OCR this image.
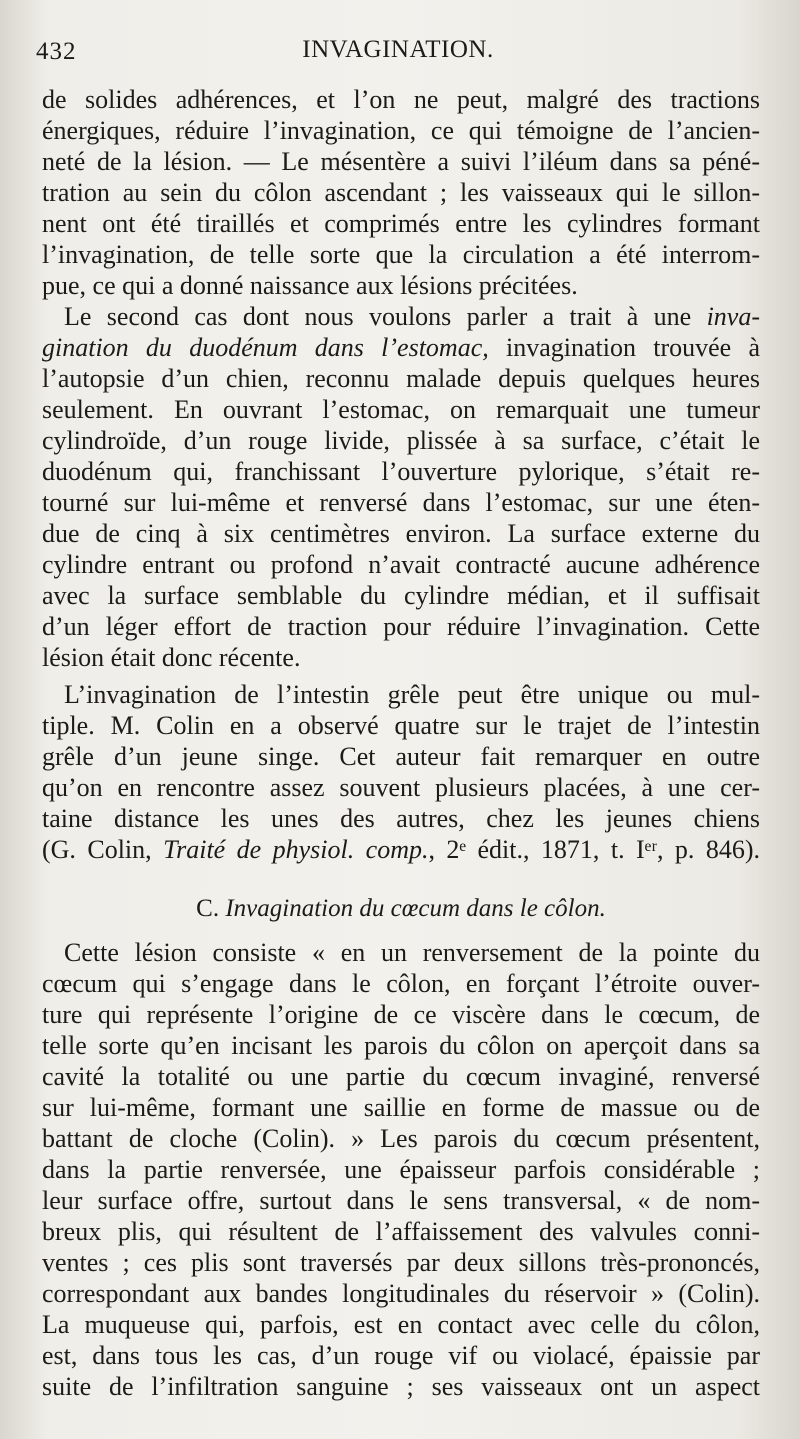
432	INVAGINATION.
de solides adhérences, et l’on ne peut, malgré des tractions
énergiques, réduire l’invagination, ce qui témoigne de l’ancien-
neté de la lésion. — Le mésentère a suivi l’iléum dans sa péné-
tration au sein du côlon ascendant ; les vaisseaux qui le sillon-
nent ont été tiraillés et comprimés entre les cylindres formant
l’invagination, de telle sorte que la circulation a été interrom-
pue, ce qui a donné naissance aux lésions précitées.
Le second cas dont nous voulons parler a trait à une inva-
gination du duodénum dans l’estomac, invagination trouvée à
l’autopsie d’un chien, reconnu malade depuis quelques heures
seulement. En ouvrant l’estomac, on remarquait une tumeur
cylindroïde, d’un rouge livide, plissée à sa surface, c’était le
duodénum qui, franchissant l’ouverture pylorique, s’était re-
tourné sur lui-même et renversé dans l’estomac, sur une éten-
due de cinq à six centimètres environ. La surface externe du
cylindre entrant ou profond n’avait contracté aucune adhérence
avec la surface semblable du cylindre médian, et il suffisait
d’un léger effort de traction pour réduire l’invagination. Cette
lésion était donc récente.
L’invagination de l’intestin grêle peut être unique ou mul-
tiple. M. Colin en a observé quatre sur le trajet de l’intestin
grêle d’un jeune singe. Cet auteur fait remarquer en outre
qu’on en rencontre assez souvent plusieurs placées, à une cer-
taine distance les unes des autres, chez les jeunes chiens
(G. Colin, Traité de physiol. comp., 2ᵉ édit., 1871, t. Iᵉʳ, p. 846).
C. Invagination du cœcum dans le côlon.
Cette lésion consiste « en un renversement de la pointe du
cœcum qui s’engage dans le côlon, en forçant l’étroite ouver-
ture qui représente l’origine de ce viscère dans le cœcum, de
telle sorte qu’en incisant les parois du côlon on aperçoit dans sa
cavité la totalité ou une partie du cœcum invaginé, renversé
sur lui-même, formant une saillie en forme de massue ou de
battant de cloche (Colin). » Les parois du cœcum présentent,
dans la partie renversée, une épaisseur parfois considérable ;
leur surface offre, surtout dans le sens transversal, « de nom-
breux plis, qui résultent de l’affaissement des valvules conni-
ventes ; ces plis sont traversés par deux sillons très-prononcés,
correspondant aux bandes longitudinales du réservoir » (Colin).
La muqueuse qui, parfois, est en contact avec celle du côlon,
est, dans tous les cas, d’un rouge vif ou violacé, épaissie par
suite de l’infiltration sanguine ; ses vaisseaux ont un aspect
